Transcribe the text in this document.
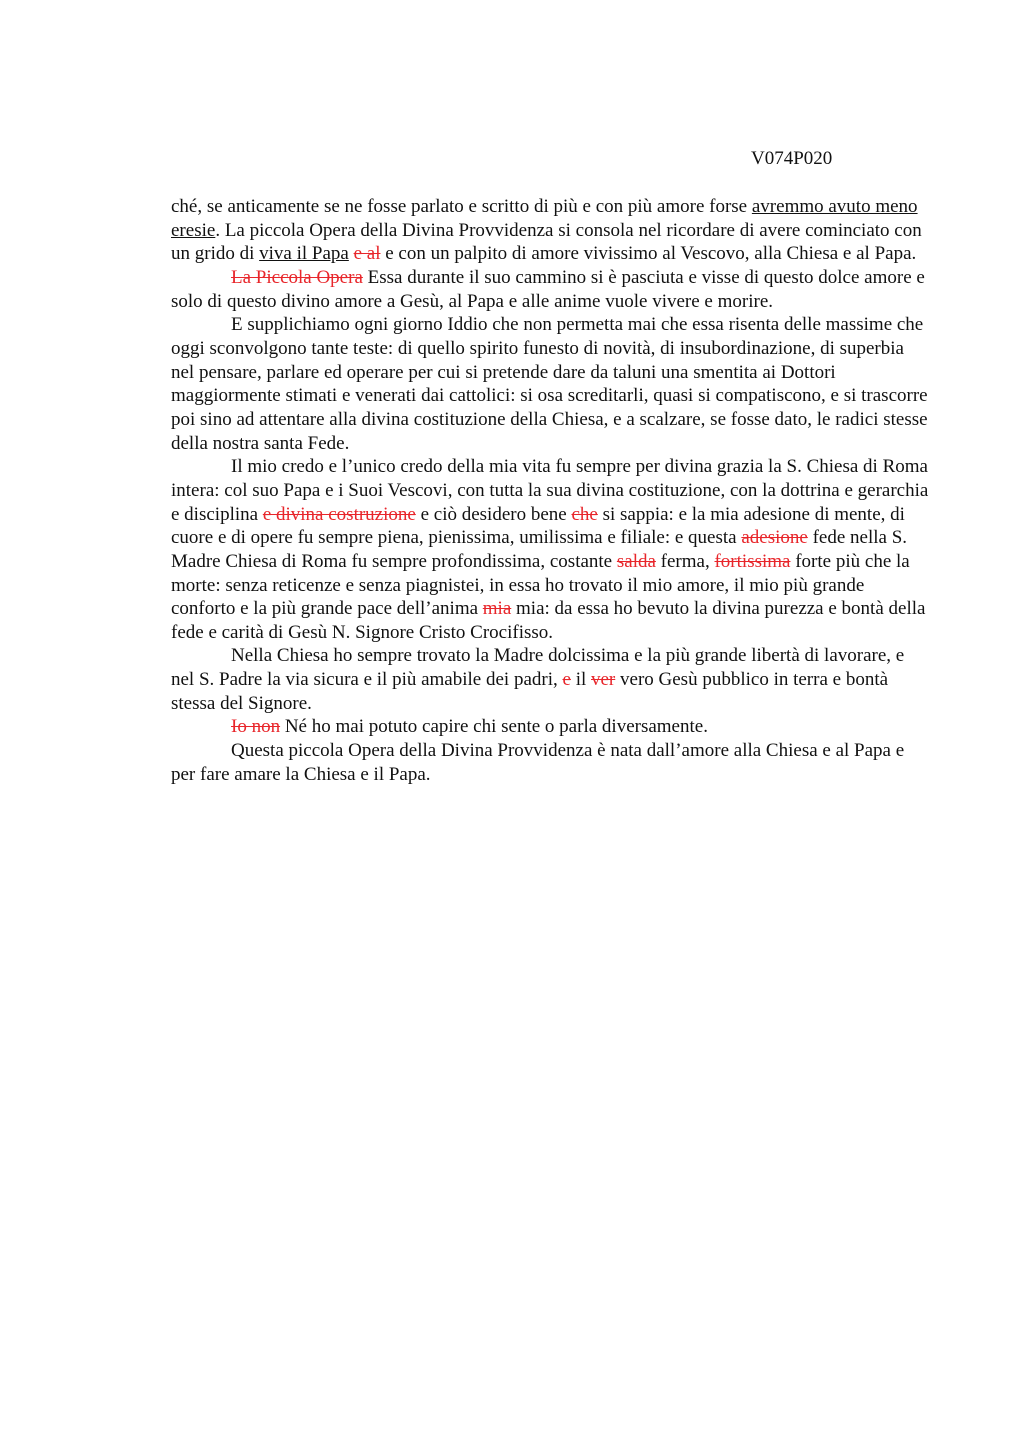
V074P020

ché, se anticamente se ne fosse parlato e scritto di più e con più amore forse avremmo avuto meno eresie. La piccola Opera della Divina Provvidenza si consola nel ricordare di avere cominciato con un grido di viva il Papa e al e con un palpito di amore vivissimo al Vescovo, alla Chiesa e al Papa.

La Piccola Opera Essa durante il suo cammino si è pasciuta e visse di questo dolce amore e solo di questo divino amore a Gesù, al Papa e alle anime vuole vivere e morire.

E supplichiamo ogni giorno Iddio che non permetta mai che essa risenta delle massime che oggi sconvolgono tante teste: di quello spirito funesto di novità, di insubordinazione, di superbia nel pensare, parlare ed operare per cui si pretende dare da taluni una smentita ai Dottori maggiormente stimati e venerati dai cattolici: si osa screditarli, quasi si compatiscono, e si trascorre poi sino ad attentare alla divina costituzione della Chiesa, e a scalzare, se fosse dato, le radici stesse della nostra santa Fede.

Il mio credo e l’unico credo della mia vita fu sempre per divina grazia la S. Chiesa di Roma intera: col suo Papa e i Suoi Vescovi, con tutta la sua divina costituzione, con la dottrina e gerarchia e disciplina e divina costruzione e ciò desidero bene che si sappia: e la mia adesione di mente, di cuore e di opere fu sempre piena, pienissima, umilissima e filiale: e questa adesione fede nella S. Madre Chiesa di Roma fu sempre profondissima, costante salda ferma, fortissima forte più che la morte: senza reticenze e senza piagnistei, in essa ho trovato il mio amore, il mio più grande conforto e la più grande pace dell’anima mia mia: da essa ho bevuto la divina purezza e bontà della fede e carità di Gesù N. Signore Cristo Crocifisso.

Nella Chiesa ho sempre trovato la Madre dolcissima e la più grande libertà di lavorare, e nel S. Padre la via sicura e il più amabile dei padri, e il ver vero Gesù pubblico in terra e bontà stessa del Signore.

Io non Né ho mai potuto capire chi sente o parla diversamente.

Questa piccola Opera della Divina Provvidenza è nata dall’amore alla Chiesa e al Papa e per fare amare la Chiesa e il Papa.
